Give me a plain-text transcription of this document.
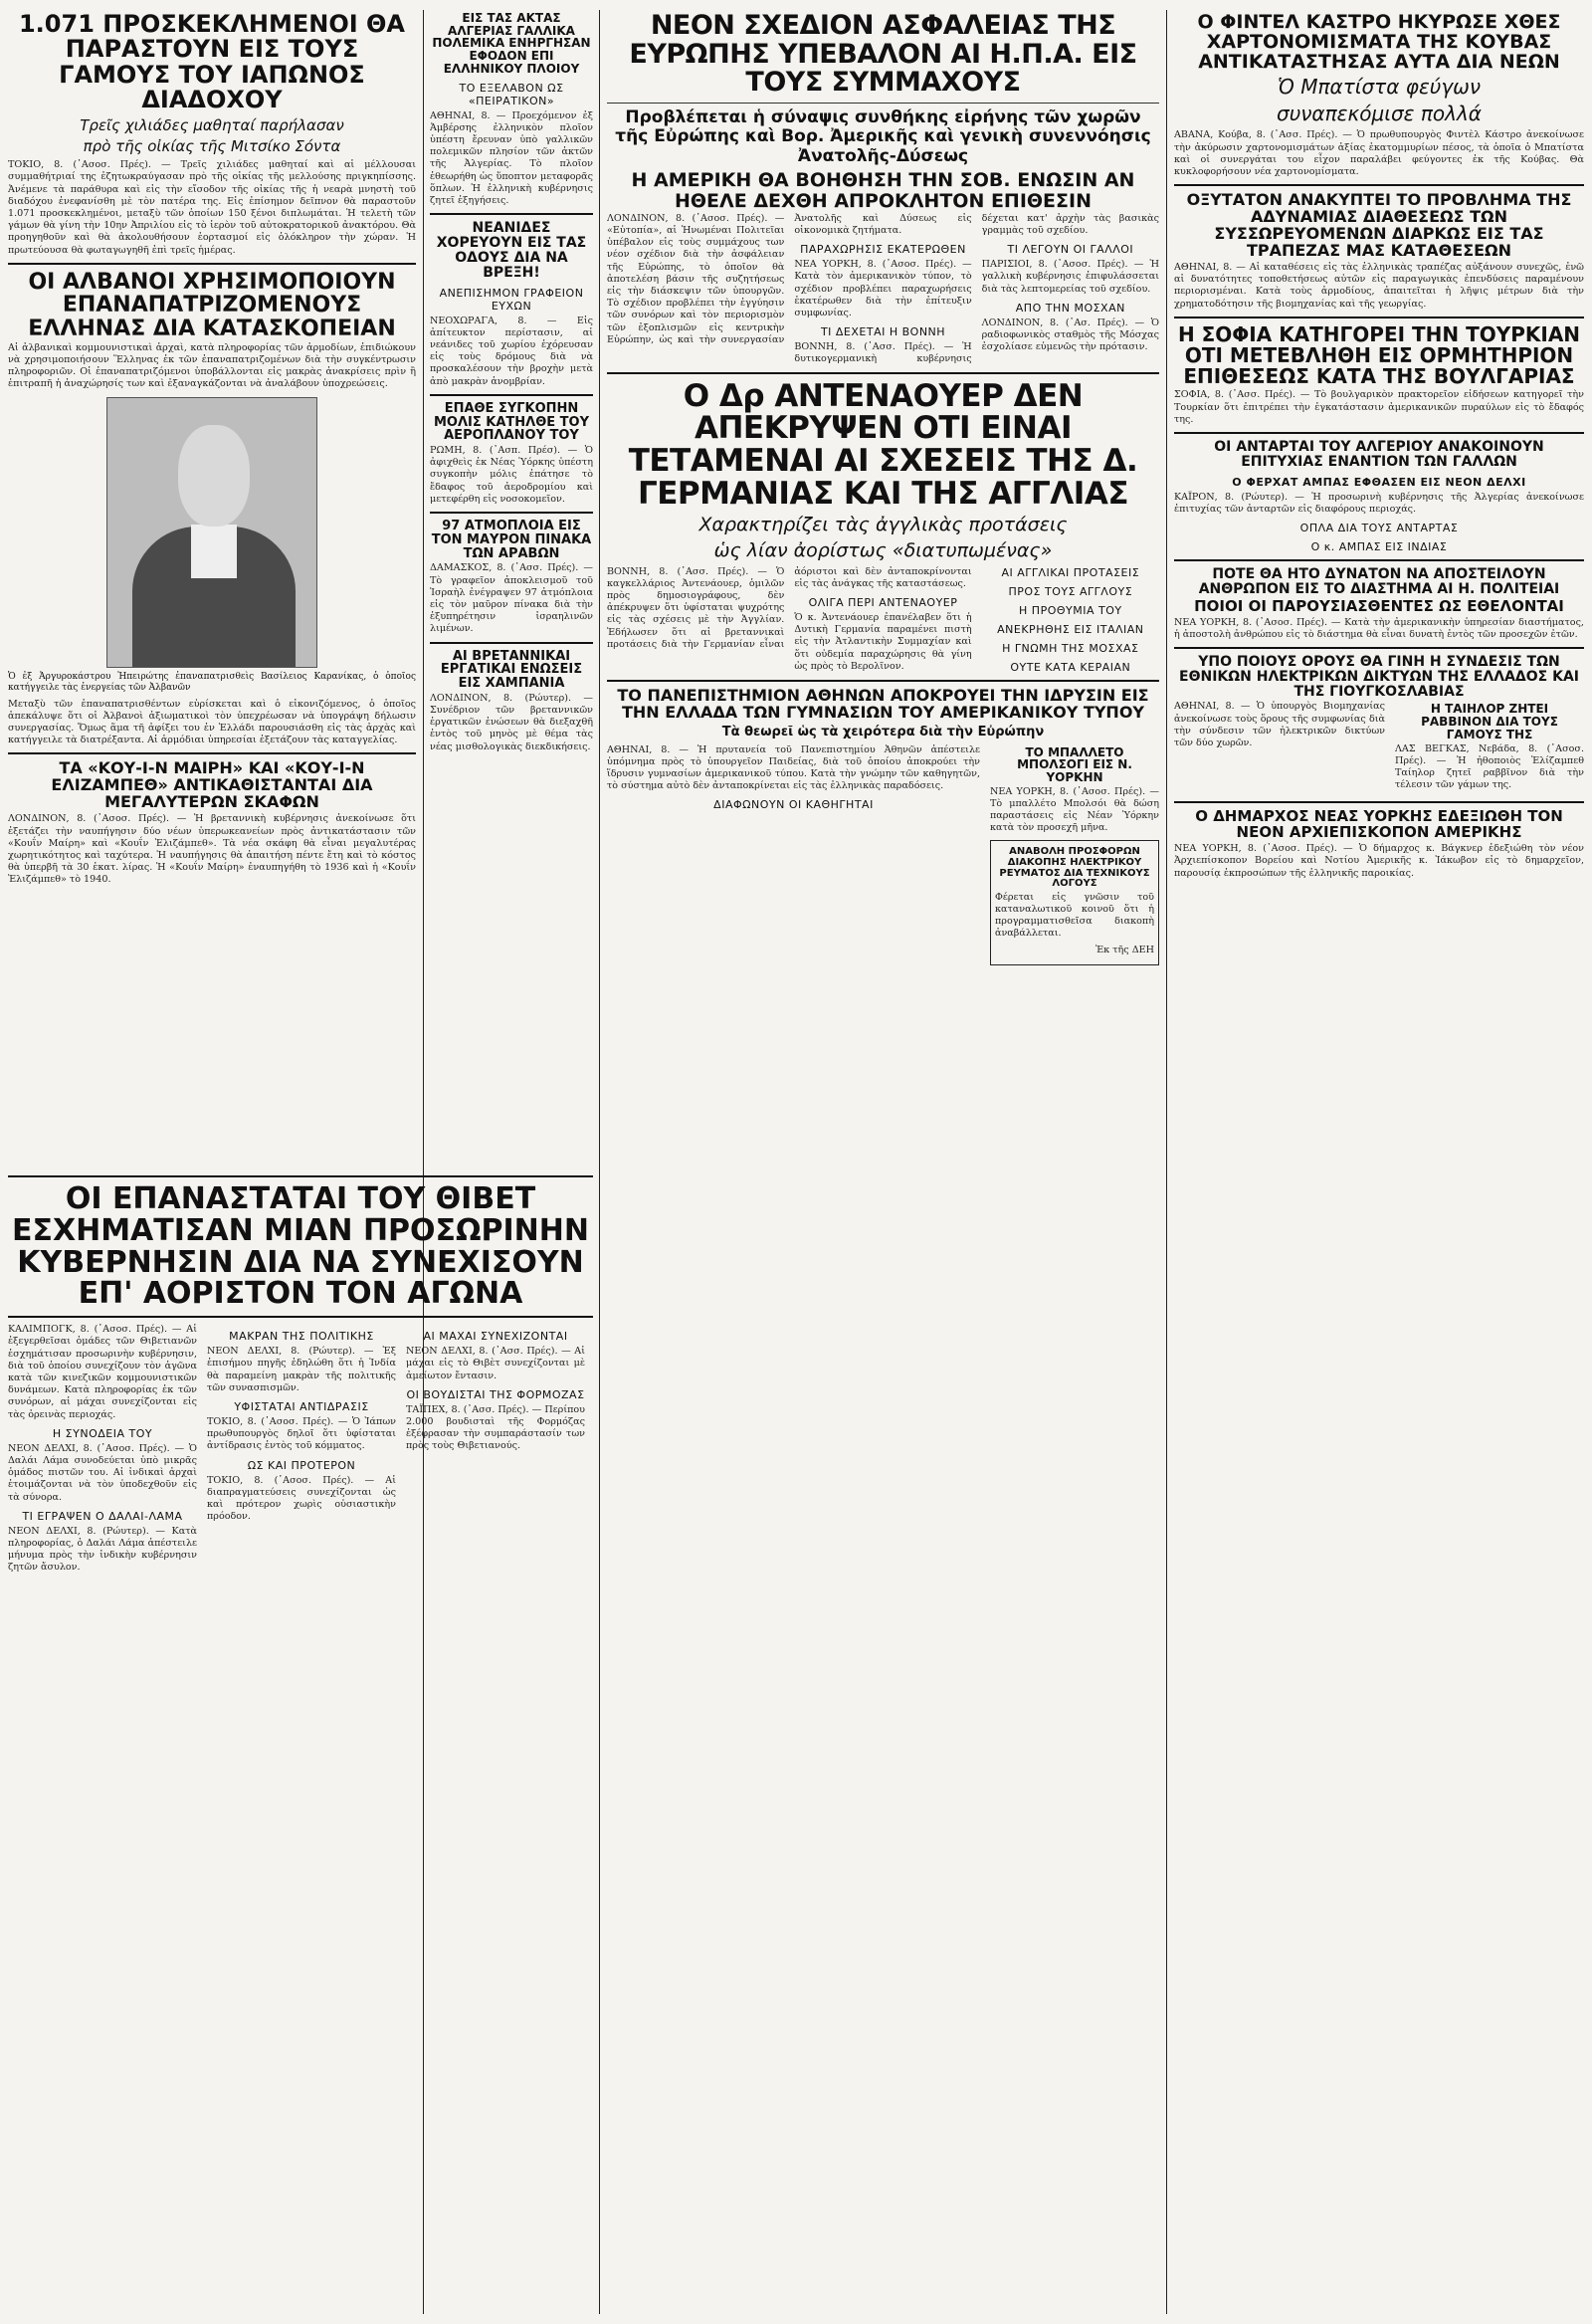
1.071 ΠΡΟΣΚΕΚΛΗΜΕΝΟΙ ΘΑ ΠΑΡΑΣΤΟΥΝ ΕΙΣ ΤΟΥΣ ΓΑΜΟΥΣ ΤΟΥ ΙΑΠΩΝΟΣ ΔΙΑΔΟΧΟΥ
Τρεῖς χιλιάδες μαθηταί παρήλασαν
πρὸ τῆς οἰκίας τῆς Μιτσίκο Σόντα
ΤΟΚΙΟ, 8. (᾿Ασοσ. Πρές). — Τρεῖς χιλιάδες μαθηταί καὶ αἱ μέλλουσαι συμμαθήτριαί της ἐζητωκραύγασαν πρὸ τῆς οἰκίας τῆς μελλούσης πριγκηπίσσης. Ἀνέμενε τὰ παράθυρα καὶ εἰς τὴν εἴσοδον τῆς οἰκίας τῆς ἡ νεαρὰ μνηστὴ τοῦ διαδόχου ἐνεφανίσθη μὲ τὸν πατέρα της. Εἰς ἐπίσημον δεῖπνον θὰ παραστοῦν 1.071 προσκεκλημένοι, μεταξὺ τῶν ὁποίων 150 ξένοι διπλωμάται. Ἡ τελετὴ τῶν γάμων θὰ γίνη τὴν 10ην Ἀπριλίου εἰς τὸ ἱερὸν τοῦ αὐτοκρατορικοῦ ἀνακτόρου. Θὰ προηγηθοῦν καὶ θὰ ἀκολουθήσουν ἑορτασμοί εἰς ὁλόκληρον τὴν χώραν. Ἡ πρωτεύουσα θὰ φωταγωγηθῆ ἐπὶ τρεῖς ἡμέρας.
ΟΙ ΑΛΒΑΝΟΙ ΧΡΗΣΙΜΟΠΟΙΟΥΝ ΕΠΑΝΑΠΑΤΡΙΖΟΜΕΝΟΥΣ ΕΛΛΗΝΑΣ ΔΙΑ ΚΑΤΑΣΚΟΠΕΙΑΝ
Αἱ ἀλβανικαὶ κομμουνιστικαὶ ἀρχαὶ, κατὰ πληροφορίας τῶν ἀρμοδίων, ἐπιδιώκουν νὰ χρησιμοποιήσουν Ἕλληνας ἐκ τῶν ἐπαναπατριζομένων διὰ τὴν συγκέντρωσιν πληροφοριῶν. Οἱ ἐπαναπατριζόμενοι ὑποβάλλονται εἰς μακρὰς ἀνακρίσεις πρὶν ἢ ἐπιτραπῆ ἡ ἀναχώρησίς των καὶ ἐξαναγκάζονται νὰ ἀναλάβουν ὑποχρεώσεις.
Ὁ ἐξ Ἀργυροκάστρου Ἠπειρώτης ἐπαναπατρισθεὶς Βασίλειος Καρανίκας, ὁ ὁποῖος κατήγγειλε τὰς ἐνεργείας τῶν Ἀλβανῶν
Μεταξὺ τῶν ἐπαναπατρισθέντων εὑρίσκεται καὶ ὁ εἰκονιζόμενος, ὁ ὁποῖος ἀπεκάλυψε ὅτι οἱ Ἀλβανοὶ ἀξιωματικοὶ τὸν ὑπεχρέωσαν νὰ ὑπογράψη δήλωσιν συνεργασίας. Ὅμως ἅμα τῆ ἀφίξει του ἐν Ἑλλάδι παρουσιάσθη εἰς τὰς ἀρχὰς καὶ κατήγγειλε τὰ διατρέξαντα. Αἱ ἀρμόδιαι ὑπηρεσίαι ἐξετάζουν τὰς καταγγελίας.
ΤΑ «ΚΟΥ-Ι-Ν ΜΑΙΡΗ» ΚΑΙ «ΚΟΥ-Ι-Ν ΕΛΙΖΑΜΠΕΘ» ΑΝΤΙΚΑΘΙΣΤΑΝΤΑΙ ΔΙΑ ΜΕΓΑΛΥΤΕΡΩΝ ΣΚΑΦΩΝ
ΛΟΝΔΙΝΟΝ, 8. (᾿Ασοσ. Πρές). — Ἡ βρεταννικὴ κυβέρνησις ἀνεκοίνωσε ὅτι ἐξετάζει τὴν ναυπήγησιν δύο νέων ὑπερωκεανείων πρὸς ἀντικατάστασιν τῶν «Κουΐν Μαίρη» καὶ «Κουΐν Ἐλιζάμπεθ». Τὰ νέα σκάφη θὰ εἶναι μεγαλυτέρας χωρητικότητος καὶ ταχύτερα. Ἡ ναυπήγησις θὰ ἀπαιτήση πέντε ἔτη καὶ τὸ κόστος θὰ ὑπερβῆ τὰ 30 ἑκατ. λίρας. Ἡ «Κουΐν Μαίρη» ἐναυπηγήθη τὸ 1936 καὶ ἡ «Κουΐν Ἐλιζάμπεθ» τὸ 1940.
ΕΙΣ ΤΑΣ ΑΚΤΑΣ ΑΛΓΕΡΙΑΣ ΓΑΛΛΙΚΑ ΠΟΛΕΜΙΚΑ ΕΝΗΡΓΗΣΑΝ ΕΦΟΔΟΝ ΕΠΙ ΕΛΛΗΝΙΚΟΥ ΠΛΟΙΟΥ
ΤΟ ΕΞΕΛΑΒΟΝ ΩΣ «ΠΕΙΡΑΤΙΚΟΝ»
ΑΘΗΝΑΙ, 8. — Προεχόμενον ἐξ Ἀμβέρσης ἐλληνικὸν πλοῖον ὑπέστη ἔρευναν ὑπὸ γαλλικῶν πολεμικῶν πλησίον τῶν ἀκτῶν τῆς Ἀλγερίας. Τὸ πλοῖον ἐθεωρήθη ὡς ὕποπτον μεταφορᾶς ὅπλων. Ἡ ἑλληνικὴ κυβέρνησις ζητεῖ ἐξηγήσεις.
ΝΕΑΝΙΔΕΣ ΧΟΡΕΥΟΥΝ ΕΙΣ ΤΑΣ ΟΔΟΥΣ ΔΙΑ ΝΑ ΒΡΕΞΗ!
ΑΝΕΠΙΣΗΜΟΝ ΓΡΑΦΕΙΟΝ ΕΥΧΩΝ
ΝΕΟΧΩΡΑΓΑ, 8. — Εἰς ἀπίτευκτον περίστασιν, αἱ νεάνιδες τοῦ χωρίου ἐχόρευσαν εἰς τοὺς δρόμους διὰ νὰ προσκαλέσουν τὴν βροχὴν μετὰ ἀπὸ μακρὰν ἀνομβρίαν.
ΕΠΑΘΕ ΣΥΓΚΟΠΗΝ ΜΟΛΙΣ ΚΑΤΗΛΘΕ ΤΟΥ ΑΕΡΟΠΛΑΝΟΥ ΤΟΥ
ΡΩΜΗ, 8. (᾿Ασπ. Πρέσ). — Ὁ ἀφιχθεὶς ἐκ Νέας Ὑόρκης ὑπέστη συγκοπὴν μόλις ἐπάτησε τὸ ἔδαφος τοῦ ἀεροδρομίου καὶ μετεφέρθη εἰς νοσοκομεῖον.
97 ΑΤΜΟΠΛΟΙΑ ΕΙΣ ΤΟΝ ΜΑΥΡΟΝ ΠΙΝΑΚΑ ΤΩΝ ΑΡΑΒΩΝ
ΔΑΜΑΣΚΟΣ, 8. (᾿Ασσ. Πρές). — Τὸ γραφεῖον ἀποκλεισμοῦ τοῦ Ἰσραὴλ ἐνέγραψεν 97 ἀτμόπλοια εἰς τὸν μαῦρον πίνακα διὰ τὴν ἐξυπηρέτησιν ἰσραηλινῶν λιμένων.
ΑΙ ΒΡΕΤΑΝΝΙΚΑΙ ΕΡΓΑΤΙΚΑΙ ΕΝΩΣΕΙΣ ΕΙΣ ΧΑΜΠΑΝΙΑ
ΛΟΝΔΙΝΟΝ, 8. (Ρώυτερ). — Συνέδριον τῶν βρεταννικῶν ἐργατικῶν ἑνώσεων θὰ διεξαχθῆ ἐντὸς τοῦ μηνὸς μὲ θέμα τὰς νέας μισθολογικὰς διεκδικήσεις.
ΟΙ ΕΠΑΝΑΣΤΑΤΑΙ ΤΟΥ ΘΙΒΕΤ ΕΣΧΗΜΑΤΙΣΑΝ ΜΙΑΝ ΠΡΟΣΩΡΙΝΗΝ ΚΥΒΕΡΝΗΣΙΝ ΔΙΑ ΝΑ ΣΥΝΕΧΙΣΟΥΝ ΕΠ' ΑΟΡΙΣΤΟΝ ΤΟΝ ΑΓΩΝΑ
ΚΑΛΙΜΠΟΓΚ, 8. (᾿Ασοσ. Πρές). — Αἱ ἐξεγερθεῖσαι ὁμάδες τῶν Θιβετιανῶν ἐσχημάτισαν προσωρινὴν κυβέρνησιν, διὰ τοῦ ὁποίου συνεχίζουν τὸν ἀγῶνα κατὰ τῶν κινεζικῶν κομμουνιστικῶν δυνάμεων. Κατὰ πληροφορίας ἐκ τῶν συνόρων, αἱ μάχαι συνεχίζονται εἰς τὰς ὀρεινὰς περιοχάς.
Η ΣΥΝΟΔΕΙΑ ΤΟΥ
ΝΕΟΝ ΔΕΛΧΙ, 8. (᾿Ασοσ. Πρές). — Ὁ Δαλάι Λάμα συνοδεύεται ὑπὸ μικρᾶς ὁμάδος πιστῶν του. Αἱ ἰνδικαὶ ἀρχαὶ ἐτοιμάζονται νὰ τὸν ὑποδεχθοῦν εἰς τὰ σύνορα.
ΤΙ ΕΓΡΑΨΕΝ Ο ΔΑΛΑΙ-ΛΑΜΑ
ΝΕΟΝ ΔΕΛΧΙ, 8. (Ρώυτερ). — Κατὰ πληροφορίας, ὁ Δαλάι Λάμα ἀπέστειλε μήνυμα πρὸς τὴν ἰνδικὴν κυβέρνησιν ζητῶν ἄσυλον.
ΜΑΚΡΑΝ ΤΗΣ ΠΟΛΙΤΙΚΗΣ
ΝΕΟΝ ΔΕΛΧΙ, 8. (Ρώυτερ). — Ἐξ ἐπισήμου πηγῆς ἐδηλώθη ὅτι ἡ Ἰνδία θὰ παραμείνη μακρὰν τῆς πολιτικῆς τῶν συνασπισμῶν.
ΥΦΙΣΤΑΤΑΙ ΑΝΤΙΔΡΑΣΙΣ
ΤΟΚΙΟ, 8. (᾿Ασοσ. Πρές). — Ὁ Ἰάπων πρωθυπουργὸς δηλοῖ ὅτι ὑφίσταται ἀντίδρασις ἐντὸς τοῦ κόμματος.
ΩΣ ΚΑΙ ΠΡΟΤΕΡΟΝ
ΤΟΚΙΟ, 8. (᾿Ασοσ. Πρές). — Αἱ διαπραγματεύσεις συνεχίζονται ὡς καὶ πρότερον χωρὶς οὐσιαστικὴν πρόοδον.
ΑΙ ΜΑΧΑΙ ΣΥΝΕΧΙΖΟΝΤΑΙ
ΝΕΟΝ ΔΕΛΧΙ, 8. (᾿Ασσ. Πρές). — Αἱ μάχαι εἰς τὸ Θιβὲτ συνεχίζονται μὲ ἀμείωτον ἔντασιν.
ΟΙ ΒΟΥΔΙΣΤΑΙ ΤΗΣ ΦΟΡΜΟΖΑΣ
ΤΑΪΠΕΧ, 8. (᾿Ασσ. Πρές). — Περίπου 2.000 βουδισταὶ τῆς Φορμόζας ἐξέφρασαν τὴν συμπαράστασίν των πρὸς τοὺς Θιβετιανούς.
ΝΕΟΝ ΣΧΕΔΙΟΝ ΑΣΦΑΛΕΙΑΣ ΤΗΣ ΕΥΡΩΠΗΣ ΥΠΕΒΑΛΟΝ ΑΙ Η.Π.Α. ΕΙΣ ΤΟΥΣ ΣΥΜΜΑΧΟΥΣ
Προβλέπεται ἡ σύναψις συνθήκης εἰρήνης τῶν χωρῶν τῆς Εὐρώπης καὶ Βορ. Ἀμερικῆς καὶ γενικὴ συνεννόησις Ἀνατολῆς-Δύσεως
Η ΑΜΕΡΙΚΗ ΘΑ ΒΟΗΘΗΣΗ ΤΗΝ ΣΟΒ. ΕΝΩΣΙΝ ΑΝ ΗΘΕΛΕ ΔΕΧΘΗ ΑΠΡΟΚΛΗΤΟΝ ΕΠΙΘΕΣΙΝ
ΛΟΝΔΙΝΟΝ, 8. (᾿Ασοσ. Πρές). — «Εὐτοπία», αἱ Ἡνωμέναι Πολιτεῖαι ὑπέβαλον εἰς τοὺς συμμάχους των νέον σχέδιον διὰ τὴν ἀσφάλειαν τῆς Εὐρώπης, τὸ ὁποῖον θὰ ἀποτελέση βάσιν τῆς συζητήσεως εἰς τὴν διάσκεψιν τῶν ὑπουργῶν. Τὸ σχέδιον προβλέπει τὴν ἐγγύησιν τῶν συνόρων καὶ τὸν περιορισμὸν τῶν ἐξοπλισμῶν εἰς κεντρικὴν Εὐρώπην, ὡς καὶ τὴν συνεργασίαν Ἀνατολῆς καὶ Δύσεως εἰς οἰκονομικὰ ζητήματα.
ΠΑΡΑΧΩΡΗΣΙΣ ΕΚΑΤΕΡΩΘΕΝ
ΝΕΑ ΥΟΡΚΗ, 8. (᾿Ασοσ. Πρές). — Κατὰ τὸν ἀμερικανικὸν τύπον, τὸ σχέδιον προβλέπει παραχωρήσεις ἑκατέρωθεν διὰ τὴν ἐπίτευξιν συμφωνίας.
ΤΙ ΔΕΧΕΤΑΙ Η ΒΟΝΝΗ
ΒΟΝΝΗ, 8. (᾿Ασσ. Πρές). — Ἡ δυτικογερμανικὴ κυβέρνησις δέχεται κατ' ἀρχὴν τὰς βασικὰς γραμμὰς τοῦ σχεδίου.
ΤΙ ΛΕΓΟΥΝ ΟΙ ΓΑΛΛΟΙ
ΠΑΡΙΣΙΟΙ, 8. (᾿Ασοσ. Πρές). — Ἡ γαλλικὴ κυβέρνησις ἐπιφυλάσσεται διὰ τὰς λεπτομερείας τοῦ σχεδίου.
ΑΠΟ ΤΗΝ ΜΟΣΧΑΝ
ΛΟΝΔΙΝΟΝ, 8. (᾿Ασ. Πρές). — Ὁ ραδιοφωνικὸς σταθμὸς τῆς Μόσχας ἐσχολίασε εὐμενῶς τὴν πρότασιν.
Ο Δρ ΑΝΤΕΝΑΟΥΕΡ ΔΕΝ ΑΠΕΚΡΥΨΕΝ ΟΤΙ ΕΙΝΑΙ ΤΕΤΑΜΕΝΑΙ ΑΙ ΣΧΕΣΕΙΣ ΤΗΣ Δ. ΓΕΡΜΑΝΙΑΣ ΚΑΙ ΤΗΣ ΑΓΓΛΙΑΣ
Χαρακτηρίζει τὰς ἀγγλικὰς προτάσεις
ὡς λίαν ἀορίστως «διατυπωμένας»
ΒΟΝΝΗ, 8. (᾿Ασσ. Πρές). — Ὁ καγκελλάριος Ἀντενάουερ, ὁμιλῶν πρὸς δημοσιογράφους, δὲν ἀπέκρυψεν ὅτι ὑφίσταται ψυχρότης εἰς τὰς σχέσεις μὲ τὴν Ἀγγλίαν. Ἐδήλωσεν ὅτι αἱ βρεταννικαὶ προτάσεις διὰ τὴν Γερμανίαν εἶναι ἀόριστοι καὶ δὲν ἀνταποκρίνονται εἰς τὰς ἀνάγκας τῆς καταστάσεως.
ΟΛΙΓΑ ΠΕΡΙ ΑΝΤΕΝΑΟΥΕΡ
Ὁ κ. Ἀντενάουερ ἐπανέλαβεν ὅτι ἡ Δυτικὴ Γερμανία παραμένει πιστὴ εἰς τὴν Ἀτλαντικὴν Συμμαχίαν καὶ ὅτι οὐδεμία παραχώρησις θὰ γίνη ὡς πρὸς τὸ Βερολῖνον.
ΑΙ ΑΓΓΛΙΚΑΙ ΠΡΟΤΑΣΕΙΣ
ΠΡΟΣ ΤΟΥΣ ΑΓΓΛΟΥΣ
Η ΠΡΟΘΥΜΙΑ ΤΟΥ
ΑΝΕΚΡΗΘΗΣ ΕΙΣ ΙΤΑΛΙΑΝ
Η ΓΝΩΜΗ ΤΗΣ ΜΟΣΧΑΣ
ΟΥΤΕ ΚΑΤΑ ΚΕΡΑΙΑΝ
ΤΟ ΠΑΝΕΠΙΣΤΗΜΙΟΝ ΑΘΗΝΩΝ ΑΠΟΚΡΟΥΕΙ ΤΗΝ ΙΔΡΥΣΙΝ ΕΙΣ ΤΗΝ ΕΛΛΑΔΑ ΤΩΝ ΓΥΜΝΑΣΙΩΝ ΤΟΥ ΑΜΕΡΙΚΑΝΙΚΟΥ ΤΥΠΟΥ
Τὰ θεωρεῖ ὡς τὰ χειρότερα διὰ τὴν Εὐρώπην
ΑΘΗΝΑΙ, 8. — Ἡ πρυτανεία τοῦ Πανεπιστημίου Ἀθηνῶν ἀπέστειλε ὑπόμνημα πρὸς τὸ ὑπουργεῖον Παιδείας, διὰ τοῦ ὁποίου ἀποκρούει τὴν ἵδρυσιν γυμνασίων ἀμερικανικοῦ τύπου. Κατὰ τὴν γνώμην τῶν καθηγητῶν, τὸ σύστημα αὐτὸ δὲν ἀνταποκρίνεται εἰς τὰς ἑλληνικὰς παραδόσεις.
ΔΙΑΦΩΝΟΥΝ ΟΙ ΚΑΘΗΓΗΤΑΙ
ΤΟ ΜΠΑΛΛΕΤΟ ΜΠΟΛΣΟΓΙ ΕΙΣ Ν. ΥΟΡΚΗΝ
ΝΕΑ ΥΟΡΚΗ, 8. (᾿Ασοσ. Πρές). — Τὸ μπαλλέτο Μπολσόι θὰ δώση παραστάσεις εἰς Νέαν Ὑόρκην κατὰ τὸν προσεχῆ μῆνα.
ΑΝΑΒΟΛΗ ΠΡΟΣΦΟΡΩΝ ΔΙΑΚΟΠΗΣ ΗΛΕΚΤΡΙΚΟΥ ΡΕΥΜΑΤΟΣ ΔΙΑ ΤΕΧΝΙΚΟΥΣ ΛΟΓΟΥΣ
Φέρεται εἰς γνῶσιν τοῦ καταναλωτικοῦ κοινοῦ ὅτι ἡ προγραμματισθεῖσα διακοπὴ ἀναβάλλεται.
Ἐκ τῆς ΔΕΗ
Ο ΦΙΝΤΕΛ ΚΑΣΤΡΟ ΗΚΥΡΩΣΕ ΧΘΕΣ ΧΑΡΤΟΝΟΜΙΣΜΑΤΑ ΤΗΣ ΚΟΥΒΑΣ ΑΝΤΙΚΑΤΑΣΤΗΣΑΣ ΑΥΤΑ ΔΙΑ ΝΕΩΝ
Ὁ Μπατίστα φεύγων
συναπεκόμισε πολλά
ΑΒΑΝΑ, Κούβα, 8. (᾿Ασσ. Πρές). — Ὁ πρωθυπουργὸς Φιντὲλ Κάστρο ἀνεκοίνωσε τὴν ἀκύρωσιν χαρτονομισμάτων ἀξίας ἑκατομμυρίων πέσος, τὰ ὁποῖα ὁ Μπατίστα καὶ οἱ συνεργάται του εἶχον παραλάβει φεύγοντες ἐκ τῆς Κούβας. Θὰ κυκλοφορήσουν νέα χαρτονομίσματα.
ΟΞΥΤΑΤΟΝ ΑΝΑΚΥΠΤΕΙ ΤΟ ΠΡΟΒΛΗΜΑ ΤΗΣ ΑΔΥΝΑΜΙΑΣ ΔΙΑΘΕΣΕΩΣ ΤΩΝ ΣΥΣΣΩΡΕΥΟΜΕΝΩΝ ΔΙΑΡΚΩΣ ΕΙΣ ΤΑΣ ΤΡΑΠΕΖΑΣ ΜΑΣ ΚΑΤΑΘΕΣΕΩΝ
ΑΘΗΝΑΙ, 8. — Αἱ καταθέσεις εἰς τὰς ἑλληνικὰς τραπέζας αὐξάνουν συνεχῶς, ἐνῶ αἱ δυνατότητες τοποθετήσεως αὐτῶν εἰς παραγωγικὰς ἐπενδύσεις παραμένουν περιορισμέναι. Κατὰ τοὺς ἀρμοδίους, ἀπαιτεῖται ἡ λῆψις μέτρων διὰ τὴν χρηματοδότησιν τῆς βιομηχανίας καὶ τῆς γεωργίας.
Η ΣΟΦΙΑ ΚΑΤΗΓΟΡΕΙ ΤΗΝ ΤΟΥΡΚΙΑΝ ΟΤΙ ΜΕΤΕΒΛΗΘΗ ΕΙΣ ΟΡΜΗΤΗΡΙΟΝ ΕΠΙΘΕΣΕΩΣ ΚΑΤΑ ΤΗΣ ΒΟΥΛΓΑΡΙΑΣ
ΣΟΦΙΑ, 8. (᾿Ασσ. Πρές). — Τὸ βουλγαρικὸν πρακτορεῖον εἰδήσεων κατηγορεῖ τὴν Τουρκίαν ὅτι ἐπιτρέπει τὴν ἐγκατάστασιν ἀμερικανικῶν πυραύλων εἰς τὸ ἔδαφός της.
ΟΙ ΑΝΤΑΡΤΑΙ ΤΟΥ ΑΛΓΕΡΙΟΥ ΑΝΑΚΟΙΝΟΥΝ ΕΠΙΤΥΧΙΑΣ ΕΝΑΝΤΙΟΝ ΤΩΝ ΓΑΛΛΩΝ
Ο ΦΕΡΧΑΤ ΑΜΠΑΣ ΕΦΘΑΣΕΝ ΕΙΣ ΝΕΟΝ ΔΕΛΧΙ
ΚΑΪΡΟΝ, 8. (Ρώυτερ). — Ἡ προσωρινὴ κυβέρνησις τῆς Ἀλγερίας ἀνεκοίνωσε ἐπιτυχίας τῶν ἀνταρτῶν εἰς διαφόρους περιοχάς.
ΟΠΛΑ ΔΙΑ ΤΟΥΣ ΑΝΤΑΡΤΑΣ
Ο κ. ΑΜΠΑΣ ΕΙΣ ΙΝΔΙΑΣ
ΠΟΤΕ ΘΑ ΗΤΟ ΔΥΝΑΤΟΝ ΝΑ ΑΠΟΣΤΕΙΛΟΥΝ ΑΝΘΡΩΠΟΝ ΕΙΣ ΤΟ ΔΙΑΣΤΗΜΑ ΑΙ Η. ΠΟΛΙΤΕΙΑΙ
ΠΟΙΟΙ ΟΙ ΠΑΡΟΥΣΙΑΣΘΕΝΤΕΣ ΩΣ ΕΘΕΛΟΝΤΑΙ
ΝΕΑ ΥΟΡΚΗ, 8. (᾿Ασοσ. Πρές). — Κατὰ τὴν ἀμερικανικὴν ὑπηρεσίαν διαστήματος, ἡ ἀποστολὴ ἀνθρώπου εἰς τὸ διάστημα θὰ εἶναι δυνατὴ ἐντὸς τῶν προσεχῶν ἐτῶν.
ΥΠΟ ΠΟΙΟΥΣ ΟΡΟΥΣ ΘΑ ΓΙΝΗ Η ΣΥΝΔΕΣΙΣ ΤΩΝ ΕΘΝΙΚΩΝ ΗΛΕΚΤΡΙΚΩΝ ΔΙΚΤΥΩΝ ΤΗΣ ΕΛΛΑΔΟΣ ΚΑΙ ΤΗΣ ΓΙΟΥΓΚΟΣΛΑΒΙΑΣ
ΑΘΗΝΑΙ, 8. — Ὁ ὑπουργὸς Βιομηχανίας ἀνεκοίνωσε τοὺς ὅρους τῆς συμφωνίας διὰ τὴν σύνδεσιν τῶν ἠλεκτρικῶν δικτύων τῶν δύο χωρῶν.
Η ΤΑΙΗΛΟΡ ΖΗΤΕΙ ΡΑΒΒΙΝΟΝ ΔΙΑ ΤΟΥΣ ΓΑΜΟΥΣ ΤΗΣ
ΛΑΣ ΒΕΓΚΑΣ, Νεβάδα, 8. (᾿Ασοσ. Πρές). — Ἡ ἠθοποιὸς Ἐλίζαμπεθ Ταίηλορ ζητεῖ ραββῖνον διὰ τὴν τέλεσιν τῶν γάμων της.
Ο ΔΗΜΑΡΧΟΣ ΝΕΑΣ ΥΟΡΚΗΣ ΕΔΕΞΙΩΘΗ ΤΟΝ ΝΕΟΝ ΑΡΧΙΕΠΙΣΚΟΠΟΝ ΑΜΕΡΙΚΗΣ
ΝΕΑ ΥΟΡΚΗ, 8. (᾿Ασοσ. Πρές). — Ὁ δήμαρχος κ. Βάγκνερ ἐδεξιώθη τὸν νέον Ἀρχιεπίσκοπον Βορείου καὶ Νοτίου Ἀμερικῆς κ. Ἰάκωβον εἰς τὸ δημαρχεῖον, παρουσίᾳ ἐκπροσώπων τῆς ἑλληνικῆς παροικίας.
